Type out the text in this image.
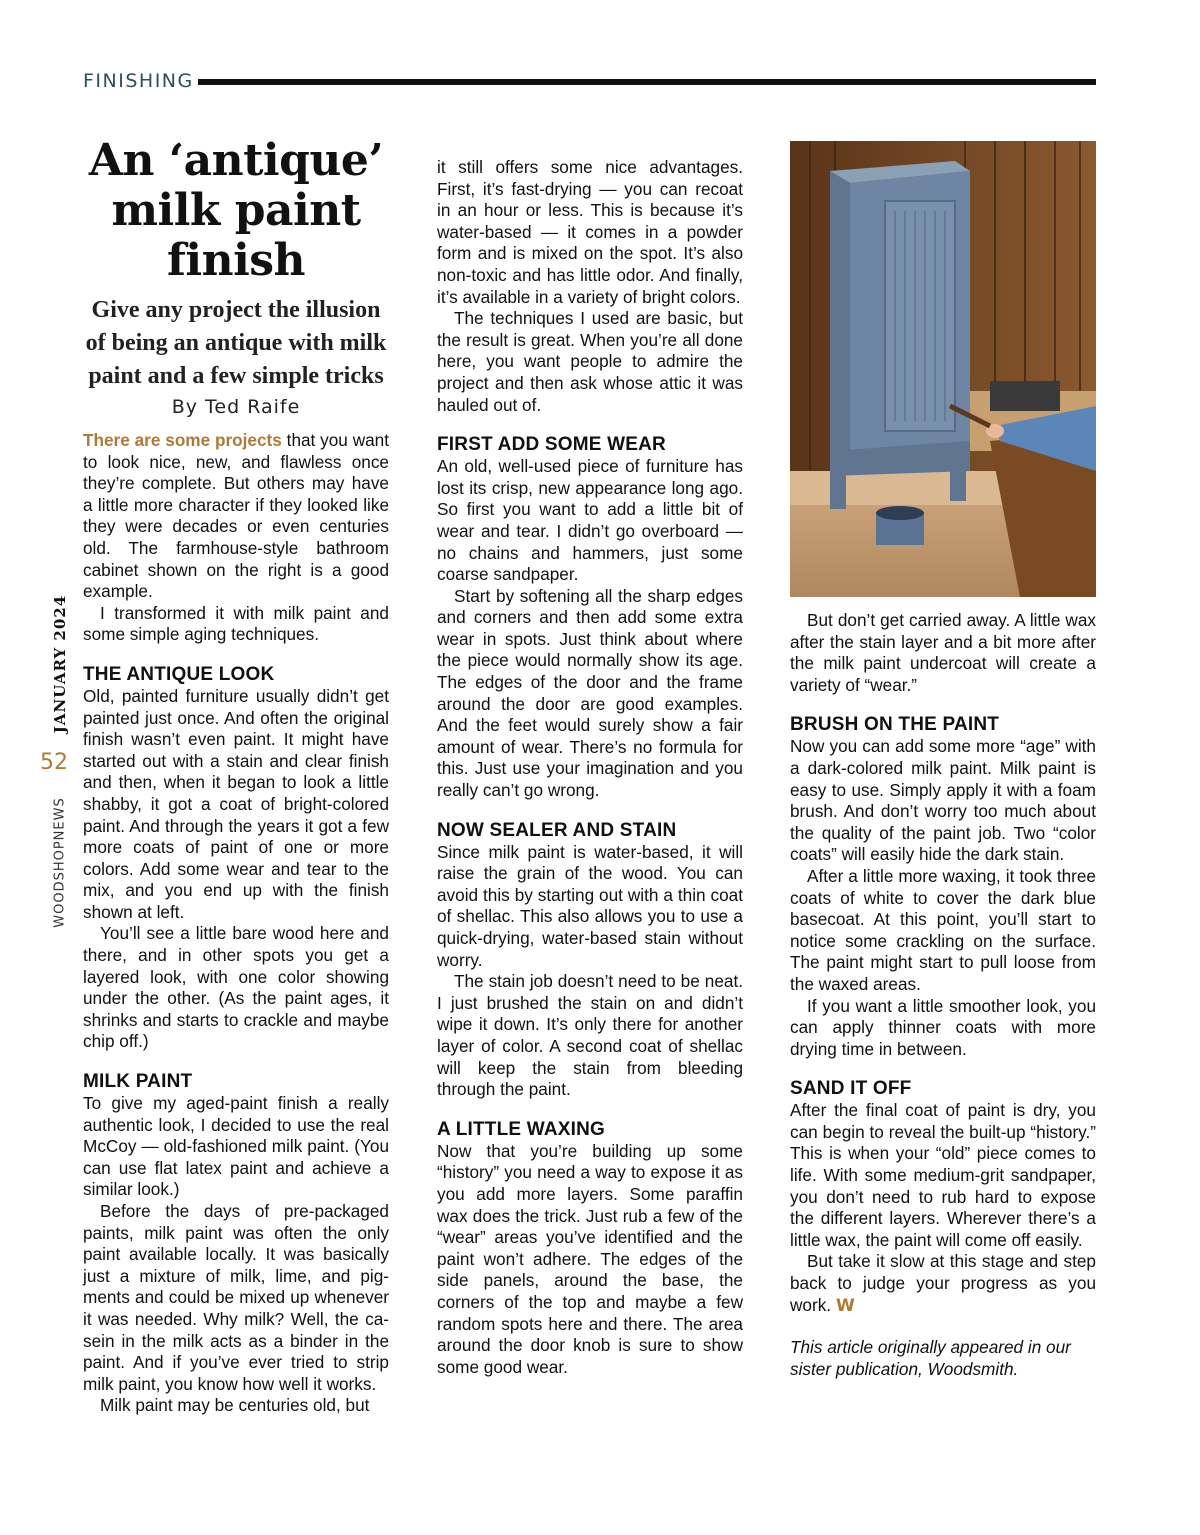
FINISHING
JANUARY 2024
52
WOODSHOPNEWS
An ‘antique’
milk paint
finish
Give any project the illusion
of being an antique with milk
paint and a few simple tricks
By Ted Raife

There are some projects that you want to look nice, new, and flawless once they’re complete. But others may have a little more character if they looked like they were decades or even centuries old. The farmhouse-style bathroom cabinet shown on the right is a good example.

I transformed it with milk paint and some simple aging techniques.

THE ANTIQUE LOOK

Old, painted furniture usually didn’t get painted just once. And often the original finish wasn’t even paint. It might have started out with a stain and clear finish and then, when it began to look a little shabby, it got a coat of bright-colored paint. And through the years it got a few more coats of paint of one or more colors. Add some wear and tear to the mix, and you end up with the finish shown at left.

You’ll see a little bare wood here and there, and in other spots you get a layered look, with one color showing under the other. (As the paint ages, it shrinks and starts to crackle and maybe chip off.)

MILK PAINT

To give my aged-paint finish a really authentic look, I decided to use the real McCoy — old-fashioned milk paint. (You can use flat latex paint and achieve a similar look.)

Before the days of pre-packaged paints, milk paint was often the only paint available locally. It was basically just a mixture of milk, lime, and pigments and could be mixed up whenever it was needed. Why milk? Well, the casein in the milk acts as a binder in the paint. And if you’ve ever tried to strip milk paint, you know how well it works.

Milk paint may be centuries old, but

it still offers some nice advantages. First, it’s fast-drying — you can recoat in an hour or less. This is because it’s water-based — it comes in a powder form and is mixed on the spot. It’s also non-toxic and has little odor. And finally, it’s available in a variety of bright colors.

The techniques I used are basic, but the result is great. When you’re all done here, you want people to admire the project and then ask whose attic it was hauled out of.

FIRST ADD SOME WEAR

An old, well-used piece of furniture has lost its crisp, new appearance long ago. So first you want to add a little bit of wear and tear. I didn’t go overboard — no chains and hammers, just some coarse sandpaper.

Start by softening all the sharp edges and corners and then add some extra wear in spots. Just think about where the piece would normally show its age. The edges of the door and the frame around the door are good examples. And the feet would surely show a fair amount of wear. There’s no formula for this. Just use your imagination and you really can’t go wrong.

NOW SEALER AND STAIN

Since milk paint is water-based, it will raise the grain of the wood. You can avoid this by starting out with a thin coat of shellac. This also allows you to use a quick-drying, water-based stain without worry.

The stain job doesn’t need to be neat. I just brushed the stain on and didn’t wipe it down. It’s only there for another layer of color. A second coat of shellac will keep the stain from bleeding through the paint.

A LITTLE WAXING

Now that you’re building up some “history” you need a way to expose it as you add more layers. Some paraffin wax does the trick. Just rub a few of the “wear” areas you’ve identified and the paint won’t adhere. The edges of the side panels, around the base, the corners of the top and maybe a few random spots here and there. The area around the door knob is sure to show some good wear.

But don’t get carried away. A little wax after the stain layer and a bit more after the milk paint undercoat will create a variety of “wear.”

BRUSH ON THE PAINT

Now you can add some more “age” with a dark-colored milk paint. Milk paint is easy to use. Simply apply it with a foam brush. And don’t worry too much about the quality of the paint job. Two “color coats” will easily hide the dark stain.

After a little more waxing, it took three coats of white to cover the dark blue basecoat. At this point, you’ll start to notice some crackling on the surface. The paint might start to pull loose from the waxed areas.

If you want a little smoother look, you can apply thinner coats with more drying time in between.

SAND IT OFF

After the final coat of paint is dry, you can begin to reveal the built-up “history.” This is when your “old” piece comes to life. With some medium-grit sandpaper, you don’t need to rub hard to expose the different layers. Wherever there’s a little wax, the paint will come off easily.

But take it slow at this stage and step back to judge your progress as you work. W

This article originally appeared in our sister publication, Woodsmith.
